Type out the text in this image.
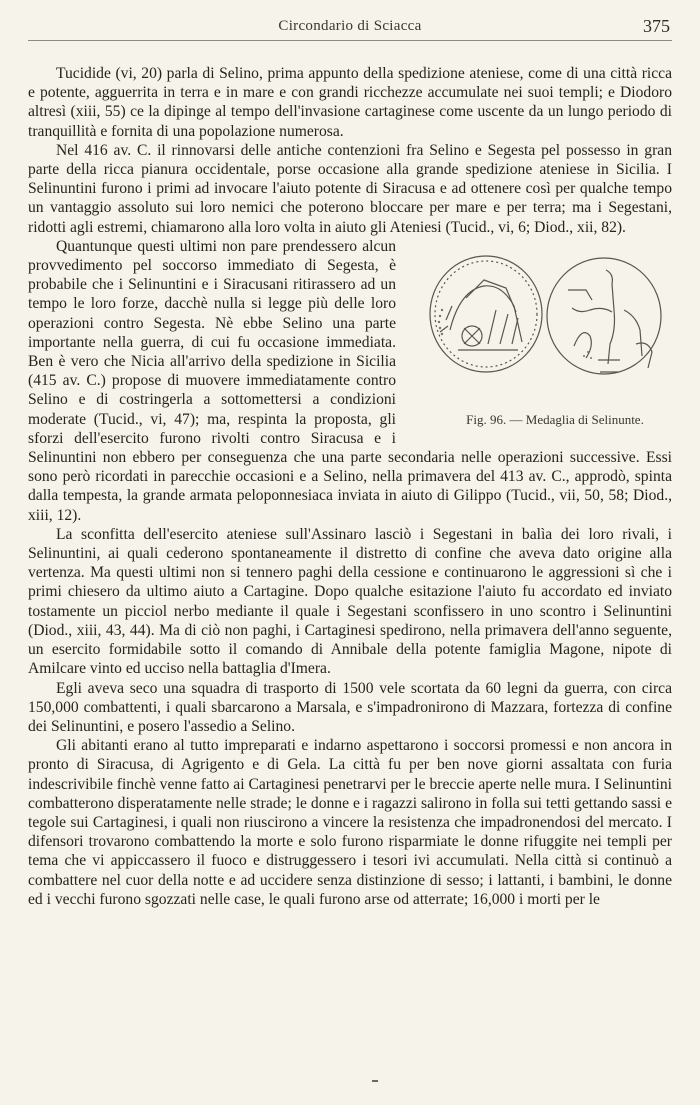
Circondario di Sciacca	375

Tucidide (vi, 20) parla di Selino, prima appunto della spedizione ateniese, come di una città ricca e potente, agguerrita in terra e in mare e con grandi ricchezze accumulate nei suoi templi; e Diodoro altresì (xiii, 55) ce la dipinge al tempo dell'invasione cartaginese come uscente da un lungo periodo di tranquillità e fornita di una popolazione numerosa.

Nel 416 av. C. il rinnovarsi delle antiche contenzioni fra Selino e Segesta pel possesso in gran parte della ricca pianura occidentale, porse occasione alla grande spedizione ateniese in Sicilia. I Selinuntini furono i primi ad invocare l'aiuto potente di Siracusa e ad ottenere così per qualche tempo un vantaggio assoluto sui loro nemici che poterono bloccare per mare e per terra; ma i Segestani, ridotti agli estremi, chiamarono alla loro volta in aiuto gli Ateniesi (Tucid., vi, 6; Diod., xii, 82).

Fig. 96. — Medaglia di Selinunte.
Quantunque questi ultimi non pare prendessero alcun provvedimento pel soccorso immediato di Segesta, è probabile che i Selinuntini e i Siracusani ritirassero ad un tempo le loro forze, dacchè nulla si legge più delle loro operazioni contro Segesta. Nè ebbe Selino una parte importante nella guerra, di cui fu occasione immediata. Ben è vero che Nicia all'arrivo della spedizione in Sicilia (415 av. C.) propose di muovere immediatamente contro Selino e di costringerla a sottomettersi a condizioni moderate (Tucid., vi, 47); ma, respinta la proposta, gli sforzi dell'esercito furono rivolti contro Siracusa e i Selinuntini non ebbero per conseguenza che una parte secondaria nelle operazioni successive. Essi sono però ricordati in parecchie occasioni e a Selino, nella primavera del 413 av. C., approdò, spinta dalla tempesta, la grande armata peloponnesiaca inviata in aiuto di Gilippo (Tucid., vii, 50, 58; Diod., xiii, 12).

La sconfitta dell'esercito ateniese sull'Assinaro lasciò i Segestani in balìa dei loro rivali, i Selinuntini, ai quali cederono spontaneamente il distretto di confine che aveva dato origine alla vertenza. Ma questi ultimi non si tennero paghi della cessione e continuarono le aggressioni sì che i primi chiesero da ultimo aiuto a Cartagine. Dopo qualche esitazione l'aiuto fu accordato ed inviato tostamente un picciol nerbo mediante il quale i Segestani sconfissero in uno scontro i Selinuntini (Diod., xiii, 43, 44). Ma di ciò non paghi, i Cartaginesi spedirono, nella primavera dell'anno seguente, un esercito formidabile sotto il comando di Annibale della potente famiglia Magone, nipote di Amilcare vinto ed ucciso nella battaglia d'Imera.

Egli aveva seco una squadra di trasporto di 1500 vele scortata da 60 legni da guerra, con circa 150,000 combattenti, i quali sbarcarono a Marsala, e s'impadronirono di Mazzara, fortezza di confine dei Selinuntini, e posero l'assedio a Selino.

Gli abitanti erano al tutto impreparati e indarno aspettarono i soccorsi promessi e non ancora in pronto di Siracusa, di Agrigento e di Gela. La città fu per ben nove giorni assaltata con furia indescrivibile finchè venne fatto ai Cartaginesi penetrarvi per le breccie aperte nelle mura. I Selinuntini combatterono disperatamente nelle strade; le donne e i ragazzi salirono in folla sui tetti gettando sassi e tegole sui Cartaginesi, i quali non riuscirono a vincere la resistenza che impadronendosi del mercato. I difensori trovarono combattendo la morte e solo furono risparmiate le donne rifuggite nei templi per tema che vi appiccassero il fuoco e distruggessero i tesori ivi accumulati. Nella città si continuò a combattere nel cuor della notte e ad uccidere senza distinzione di sesso; i lattanti, i bambini, le donne ed i vecchi furono sgozzati nelle case, le quali furono arse od atterrate; 16,000 i morti per le
